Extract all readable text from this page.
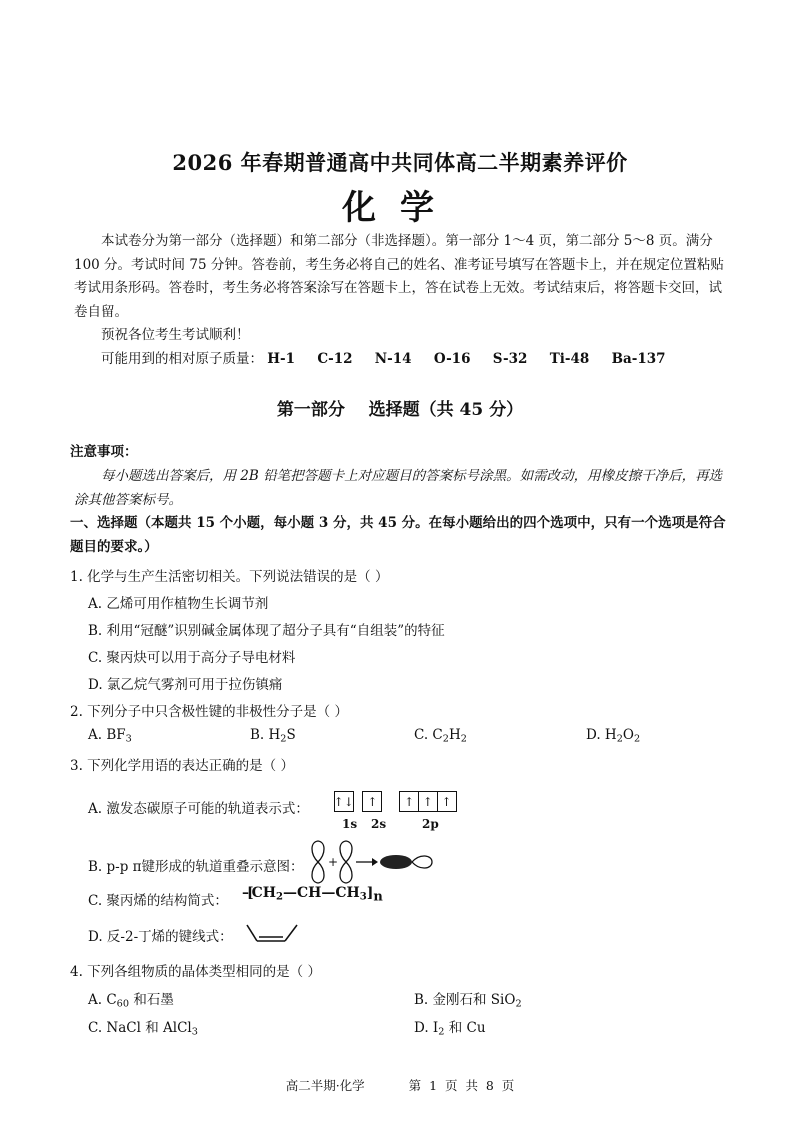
2026 年春期普通高中共同体高二半期素养评价
化学
本试卷分为第一部分（选择题）和第二部分（非选择题）。第一部分 1～4 页，第二部分 5～8 页。满分 100 分。考试时间 75 分钟。答卷前，考生务必将自己的姓名、准考证号填写在答题卡上，并在规定位置粘贴考试用条形码。答卷时，考生务必将答案涂写在答题卡上，答在试卷上无效。考试结束后，将答题卡交回，试卷自留。
预祝各位考生考试顺利！
可能用到的相对原子质量： H-1 C-12 N-14 O-16 S-32 Ti-48 Ba-137
第一部分    选择题（共 45 分）
注意事项：
每小题选出答案后，用 2B 铅笔把答题卡上对应题目的答案标号涂黑。如需改动，用橡皮擦干净后，再选涂其他答案标号。
一、选择题（本题共 15 个小题，每小题 3 分，共 45 分。在每小题给出的四个选项中，只有一个选项是符合题目的要求。）
1. 化学与生产生活密切相关。下列说法错误的是（ ）
A. 乙烯可用作植物生长调节剂
B. 利用“冠醚”识别碱金属体现了超分子具有“自组装”的特征
C. 聚丙炔可以用于高分子导电材料
D. 氯乙烷气雾剂可用于拉伤镇痛
2. 下列分子中只含极性键的非极性分子是（ ）
A. $BF_3$	B. $H_2S$	C. $C_2H_2$	D. $H_2O_2$
3. 下列化学用语的表达正确的是（ ）
A. 激发态碳原子可能的轨道表示式： ↑↓	↑	↑ ↑ ↑
1s 2s	2p
B. p-p π键形成的轨道重叠示意图： +
C. 聚丙烯的结构简式： $-[CH_2—CH—CH_3]_n$
D. 反-2-丁烯的键线式：
4. 下列各组物质的晶体类型相同的是（ ）
A. $C_{60}$ 和石墨	B. 金刚石和 SiO$_2$
C. NaCl 和 AlCl$_3$	D. $I_2$ 和 Cu
高二半期·化学	第  1  页  共  8  页
